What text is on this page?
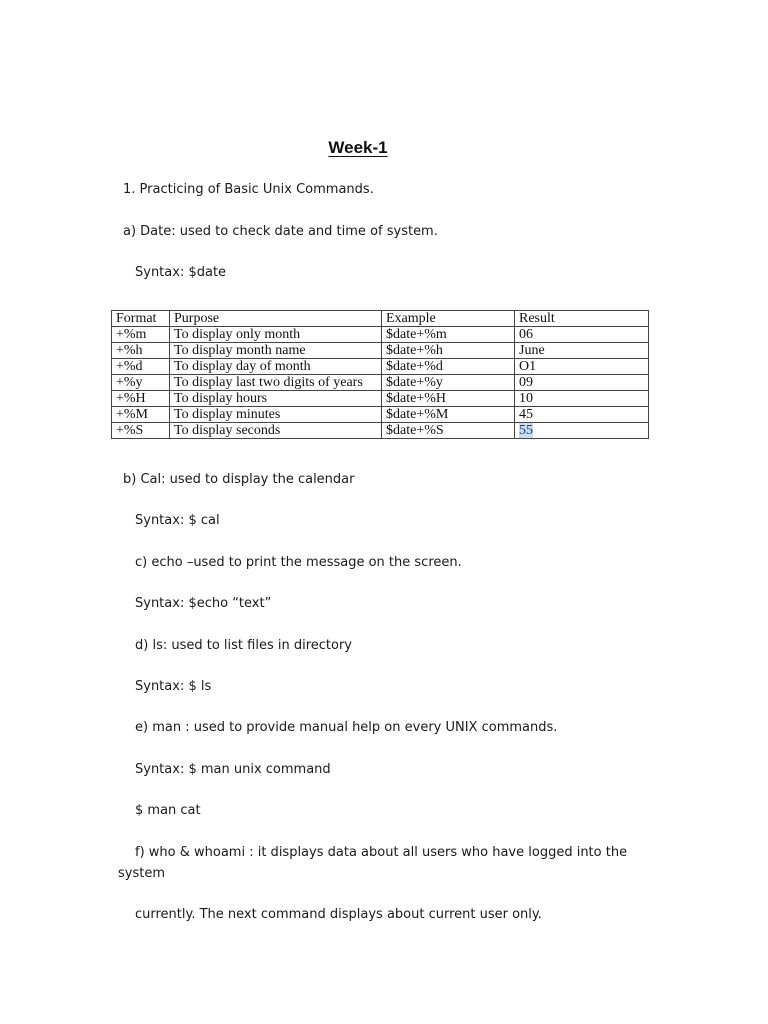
Week-1
1. Practicing of Basic Unix Commands.
a) Date: used to check date and time of system.
Syntax: $date
Format	Purpose	Example	Result
+%m	To display only month	$date+%m	06
+%h	To display month name	$date+%h	June
+%d	To display day of month	$date+%d	O1
+%y	To display last two digits of years	$date+%y	09
+%H	To display hours	$date+%H	10
+%M	To display minutes	$date+%M	45
+%S	To display seconds	$date+%S	55
b) Cal: used to display the calendar
Syntax: $ cal
c) echo –used to print the message on the screen.
Syntax: $echo “text”
d) ls: used to list files in directory
Syntax: $ ls
e) man : used to provide manual help on every UNIX commands.
Syntax: $ man unix command
$ man cat
f) who & whoami : it displays data about all users who have logged into the
system
currently. The next command displays about current user only.
